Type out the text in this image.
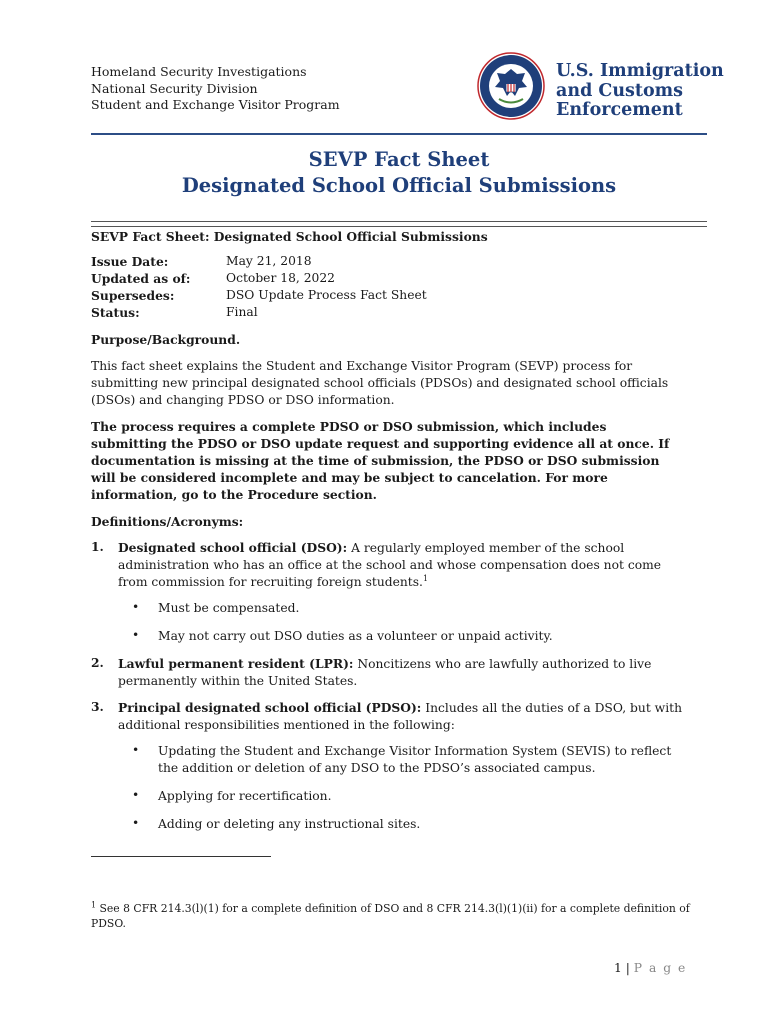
Homeland Security Investigations
National Security Division
Student and Exchange Visitor Program
U.S. Immigration
and Customs
Enforcement
SEVP Fact Sheet
Designated School Official Submissions
SEVP Fact Sheet: Designated School Official Submissions
Issue Date:	May 21, 2018
Updated as of:	October 18, 2022
Supersedes:	DSO Update Process Fact Sheet
Status:	Final
Purpose/Background.
This fact sheet explains the Student and Exchange Visitor Program (SEVP) process for submitting new principal designated school officials (PDSOs) and designated school officials (DSOs) and changing PDSO or DSO information.
The process requires a complete PDSO or DSO submission, which includes submitting the PDSO or DSO update request and supporting evidence all at once. If documentation is missing at the time of submission, the PDSO or DSO submission will be considered incomplete and may be subject to cancelation. For more information, go to the Procedure section.
Definitions/Acronyms:
1. Designated school official (DSO): A regularly employed member of the school administration who has an office at the school and whose compensation does not come from commission for recruiting foreign students.$^1$
• Must be compensated.
• May not carry out DSO duties as a volunteer or unpaid activity.
2. Lawful permanent resident (LPR): Noncitizens who are lawfully authorized to live permanently within the United States.
3. Principal designated school official (PDSO): Includes all the duties of a DSO, but with additional responsibilities mentioned in the following:
• Updating the Student and Exchange Visitor Information System (SEVIS) to reflect the addition or deletion of any DSO to the PDSO’s associated campus.
• Applying for recertification.
• Adding or deleting any instructional sites.
$^1$ See 8 CFR 214.3(l)(1) for a complete definition of DSO and 8 CFR 214.3(l)(1)(ii) for a complete definition of PDSO.
1 | P a g e
